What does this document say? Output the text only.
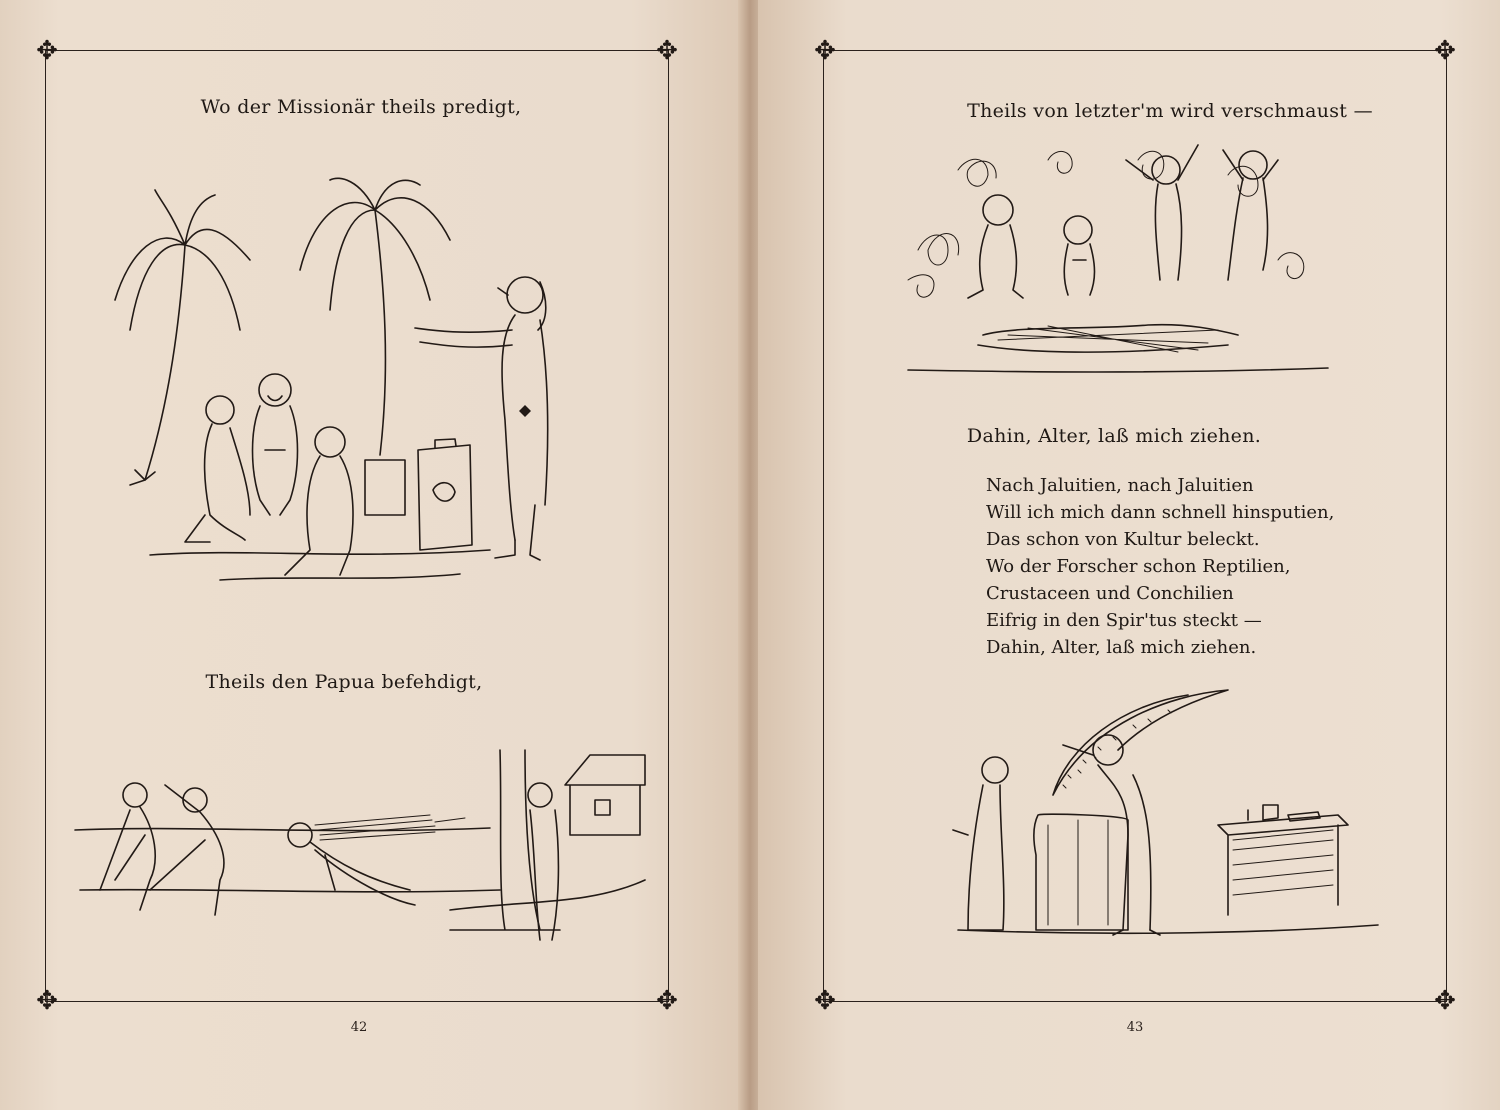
✥	✥
✥	✥
Wo der Missionär theils predigt,
Theils den Papua befehdigt,
42
✥	✥
✥	✥
Theils von letzter'm wird verschmaust —
Dahin, Alter, laß mich ziehen.
Nach Jaluitien, nach Jaluitien
Will ich mich dann schnell hinsputien,
Das schon von Kultur beleckt.
Wo der Forscher schon Reptilien,
Crustaceen und Conchilien
Eifrig in den Spir'tus steckt —
Dahin, Alter, laß mich ziehen.
43
